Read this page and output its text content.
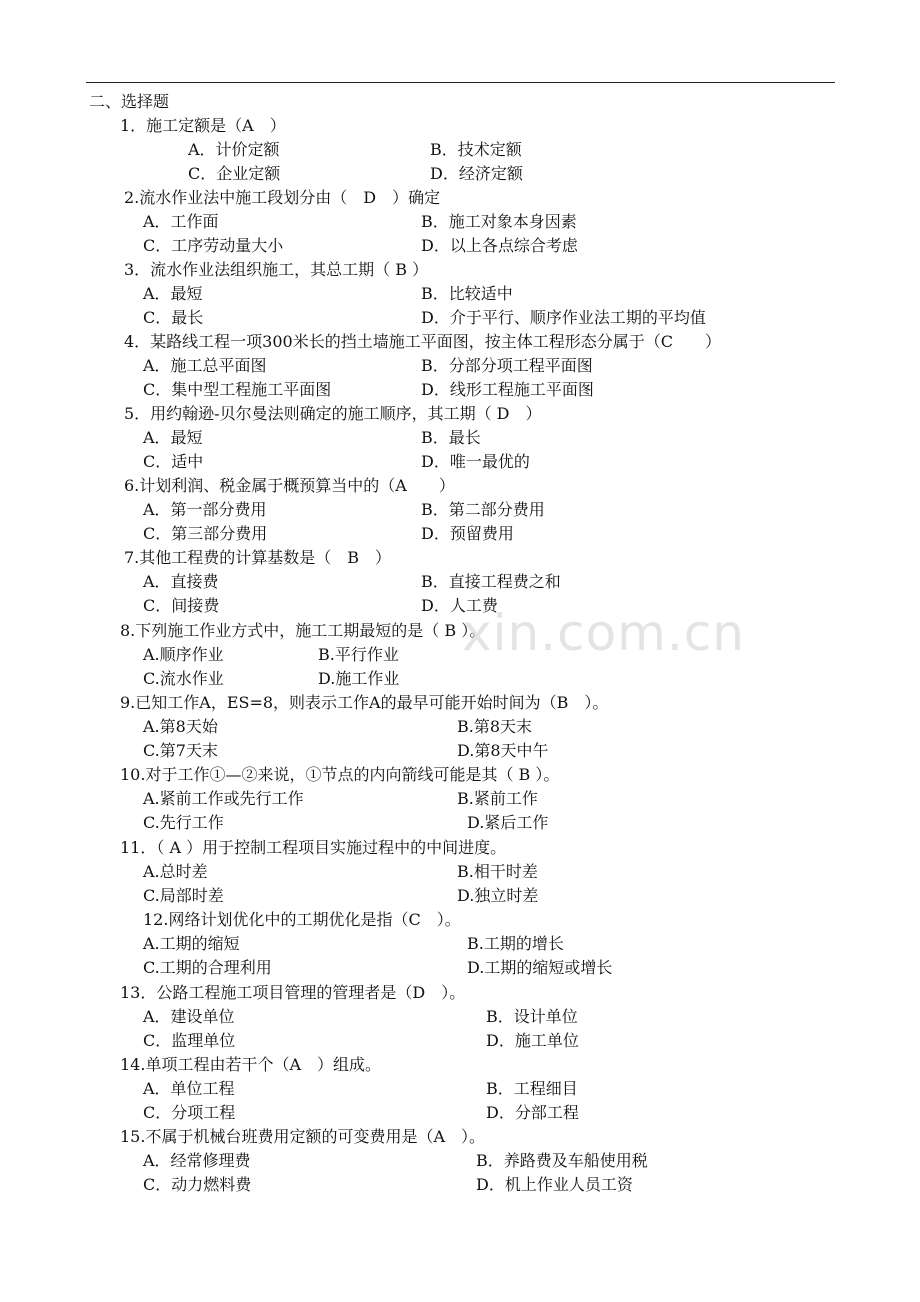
二、选择题
1．施工定额是（A　）
A．计价定额	B．技术定额
C．企业定额	D．经济定额
2.流水作业法中施工段划分由（　D　）确定
A．工作面	B．施工对象本身因素
C．工序劳动量大小	D．以上各点综合考虑
3．流水作业法组织施工，其总工期（ B ）
A．最短	B．比较适中
C．最长	D．介于平行、顺序作业法工期的平均值
4．某路线工程一项300米长的挡土墙施工平面图，按主体工程形态分属于（C　　）
A．施工总平面图	B．分部分项工程平面图
C．集中型工程施工平面图	D．线形工程施工平面图
5．用约翰逊-贝尔曼法则确定的施工顺序，其工期（ D　）
A．最短	B．最长
C．适中	D．唯一最优的
6.计划利润、税金属于概预算当中的（A　　）
A．第一部分费用	B．第二部分费用
C．第三部分费用	D．预留费用
7.其他工程费的计算基数是（　B　）
A．直接费	B．直接工程费之和
C．间接费	D．人工费
8.下列施工作业方式中，施工工期最短的是（ B ）。
A.顺序作业	B.平行作业
C.流水作业	D.施工作业
9.已知工作A，ES=8，则表示工作A的最早可能开始时间为（B　）。
A.第8天始	B.第8天末
C.第7天末	D.第8天中午
10.对于工作①—②来说，①节点的内向箭线可能是其（ B ）。
A.紧前工作或先行工作	B.紧前工作
C.先行工作	D.紧后工作
11．（ A ）用于控制工程项目实施过程中的中间进度。
A.总时差	B.相干时差
C.局部时差	D.独立时差
12.网络计划优化中的工期优化是指（C　）。
A.工期的缩短	B.工期的增长
C.工期的合理利用	D.工期的缩短或增长
13．公路工程施工项目管理的管理者是（D　）。
A．建设单位	B．设计单位
C．监理单位	D．施工单位
14.单项工程由若干个（A　）组成。
A．单位工程	B．工程细目
C．分项工程	D．分部工程
15.不属于机械台班费用定额的可变费用是（A　）。
A．经常修理费	B．养路费及车船使用税
C．动力燃料费	D．机上作业人员工资
xin.com.cn
